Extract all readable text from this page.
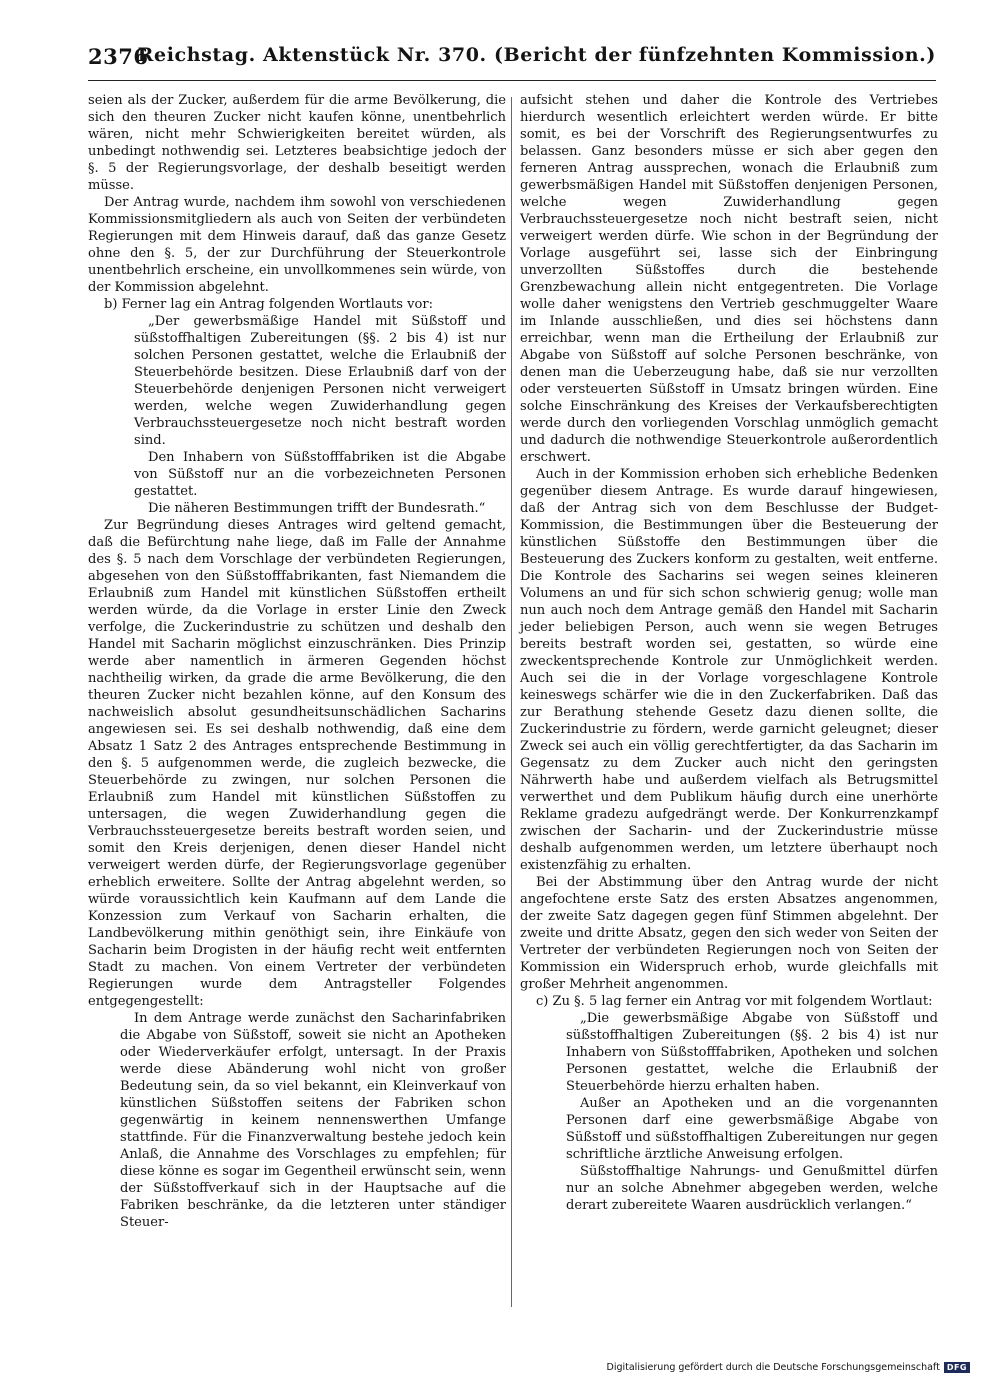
2376
Reichstag. Aktenstück Nr. 370. (Bericht der fünfzehnten Kommission.)

seien als der Zucker, außerdem für die arme Bevölkerung, die sich den theuren Zucker nicht kaufen könne, unentbehrlich wären, nicht mehr Schwierigkeiten bereitet würden, als unbedingt nothwendig sei. Letzteres beabsichtige jedoch der §. 5 der Regierungsvorlage, der deshalb beseitigt werden müsse.

Der Antrag wurde, nachdem ihm sowohl von verschiedenen Kommissionsmitgliedern als auch von Seiten der verbündeten Regierungen mit dem Hinweis darauf, daß das ganze Gesetz ohne den §. 5, der zur Durchführung der Steuerkontrole unentbehrlich erscheine, ein unvollkommenes sein würde, von der Kommission abgelehnt.

b) Ferner lag ein Antrag folgenden Wortlauts vor:

„Der gewerbsmäßige Handel mit Süßstoff und süßstoffhaltigen Zubereitungen (§§. 2 bis 4) ist nur solchen Personen gestattet, welche die Erlaubniß der Steuerbehörde besitzen. Diese Erlaubniß darf von der Steuerbehörde denjenigen Personen nicht verweigert werden, welche wegen Zuwiderhandlung gegen Verbrauchssteuergesetze noch nicht bestraft worden sind.

Den Inhabern von Süßstofffabriken ist die Abgabe von Süßstoff nur an die vorbezeichneten Personen gestattet.

Die näheren Bestimmungen trifft der Bundesrath.“

Zur Begründung dieses Antrages wird geltend gemacht, daß die Befürchtung nahe liege, daß im Falle der Annahme des §. 5 nach dem Vorschlage der verbündeten Regierungen, abgesehen von den Süßstofffabrikanten, fast Niemandem die Erlaubniß zum Handel mit künstlichen Süßstoffen ertheilt werden würde, da die Vorlage in erster Linie den Zweck verfolge, die Zuckerindustrie zu schützen und deshalb den Handel mit Sacharin möglichst einzuschränken. Dies Prinzip werde aber namentlich in ärmeren Gegenden höchst nachtheilig wirken, da grade die arme Bevölkerung, die den theuren Zucker nicht bezahlen könne, auf den Konsum des nachweislich absolut gesundheitsunschädlichen Sacharins angewiesen sei. Es sei deshalb nothwendig, daß eine dem Absatz 1 Satz 2 des Antrages entsprechende Bestimmung in den §. 5 aufgenommen werde, die zugleich bezwecke, die Steuerbehörde zu zwingen, nur solchen Personen die Erlaubniß zum Handel mit künstlichen Süßstoffen zu untersagen, die wegen Zuwiderhandlung gegen die Verbrauchssteuergesetze bereits bestraft worden seien, und somit den Kreis derjenigen, denen dieser Handel nicht verweigert werden dürfe, der Regierungsvorlage gegenüber erheblich erweitere. Sollte der Antrag abgelehnt werden, so würde voraussichtlich kein Kaufmann auf dem Lande die Konzession zum Verkauf von Sacharin erhalten, die Landbevölkerung mithin genöthigt sein, ihre Einkäufe von Sacharin beim Drogisten in der häufig recht weit entfernten Stadt zu machen. Von einem Vertreter der verbündeten Regierungen wurde dem Antragsteller Folgendes entgegengestellt:

In dem Antrage werde zunächst den Sacharinfabriken die Abgabe von Süßstoff, soweit sie nicht an Apotheken oder Wiederverkäufer erfolgt, untersagt. In der Praxis werde diese Abänderung wohl nicht von großer Bedeutung sein, da so viel bekannt, ein Kleinverkauf von künstlichen Süßstoffen seitens der Fabriken schon gegenwärtig in keinem nennenswerthen Umfange stattfinde. Für die Finanzverwaltung bestehe jedoch kein Anlaß, die Annahme des Vorschlages zu empfehlen; für diese könne es sogar im Gegentheil erwünscht sein, wenn der Süßstoffverkauf sich in der Hauptsache auf die Fabriken beschränke, da die letzteren unter ständiger Steuer-

aufsicht stehen und daher die Kontrole des Vertriebes hierdurch wesentlich erleichtert werden würde. Er bitte somit, es bei der Vorschrift des Regierungsentwurfes zu belassen. Ganz besonders müsse er sich aber gegen den ferneren Antrag aussprechen, wonach die Erlaubniß zum gewerbsmäßigen Handel mit Süßstoffen denjenigen Personen, welche wegen Zuwiderhandlung gegen Verbrauchssteuergesetze noch nicht bestraft seien, nicht verweigert werden dürfe. Wie schon in der Begründung der Vorlage ausgeführt sei, lasse sich der Einbringung unverzollten Süßstoffes durch die bestehende Grenzbewachung allein nicht entgegentreten. Die Vorlage wolle daher wenigstens den Vertrieb geschmuggelter Waare im Inlande ausschließen, und dies sei höchstens dann erreichbar, wenn man die Ertheilung der Erlaubniß zur Abgabe von Süßstoff auf solche Personen beschränke, von denen man die Ueberzeugung habe, daß sie nur verzollten oder versteuerten Süßstoff in Umsatz bringen würden. Eine solche Einschränkung des Kreises der Verkaufsberechtigten werde durch den vorliegenden Vorschlag unmöglich gemacht und dadurch die nothwendige Steuerkontrole außerordentlich erschwert.

Auch in der Kommission erhoben sich erhebliche Bedenken gegenüber diesem Antrage. Es wurde darauf hingewiesen, daß der Antrag sich von dem Beschlusse der Budget-Kommission, die Bestimmungen über die Besteuerung der künstlichen Süßstoffe den Bestimmungen über die Besteuerung des Zuckers konform zu gestalten, weit entferne. Die Kontrole des Sacharins sei wegen seines kleineren Volumens an und für sich schon schwierig genug; wolle man nun auch noch dem Antrage gemäß den Handel mit Sacharin jeder beliebigen Person, auch wenn sie wegen Betruges bereits bestraft worden sei, gestatten, so würde eine zweckentsprechende Kontrole zur Unmöglichkeit werden. Auch sei die in der Vorlage vorgeschlagene Kontrole keineswegs schärfer wie die in den Zuckerfabriken. Daß das zur Berathung stehende Gesetz dazu dienen sollte, die Zuckerindustrie zu fördern, werde garnicht geleugnet; dieser Zweck sei auch ein völlig gerechtfertigter, da das Sacharin im Gegensatz zu dem Zucker auch nicht den geringsten Nährwerth habe und außerdem vielfach als Betrugsmittel verwerthet und dem Publikum häufig durch eine unerhörte Reklame gradezu aufgedrängt werde. Der Konkurrenzkampf zwischen der Sacharin- und der Zuckerindustrie müsse deshalb aufgenommen werden, um letztere überhaupt noch existenzfähig zu erhalten.

Bei der Abstimmung über den Antrag wurde der nicht angefochtene erste Satz des ersten Absatzes angenommen, der zweite Satz dagegen gegen fünf Stimmen abgelehnt. Der zweite und dritte Absatz, gegen den sich weder von Seiten der Vertreter der verbündeten Regierungen noch von Seiten der Kommission ein Widerspruch erhob, wurde gleichfalls mit großer Mehrheit angenommen.

c) Zu §. 5 lag ferner ein Antrag vor mit folgendem Wortlaut:

„Die gewerbsmäßige Abgabe von Süßstoff und süßstoffhaltigen Zubereitungen (§§. 2 bis 4) ist nur Inhabern von Süßstofffabriken, Apotheken und solchen Personen gestattet, welche die Erlaubniß der Steuerbehörde hierzu erhalten haben.

Außer an Apotheken und an die vorgenannten Personen darf eine gewerbsmäßige Abgabe von Süßstoff und süßstoffhaltigen Zubereitungen nur gegen schriftliche ärztliche Anweisung erfolgen.

Süßstoffhaltige Nahrungs- und Genußmittel dürfen nur an solche Abnehmer abgegeben werden, welche derart zubereitete Waaren ausdrücklich verlangen.“

Digitalisierung gefördert durch die Deutsche Forschungsgemeinschaft DFG
